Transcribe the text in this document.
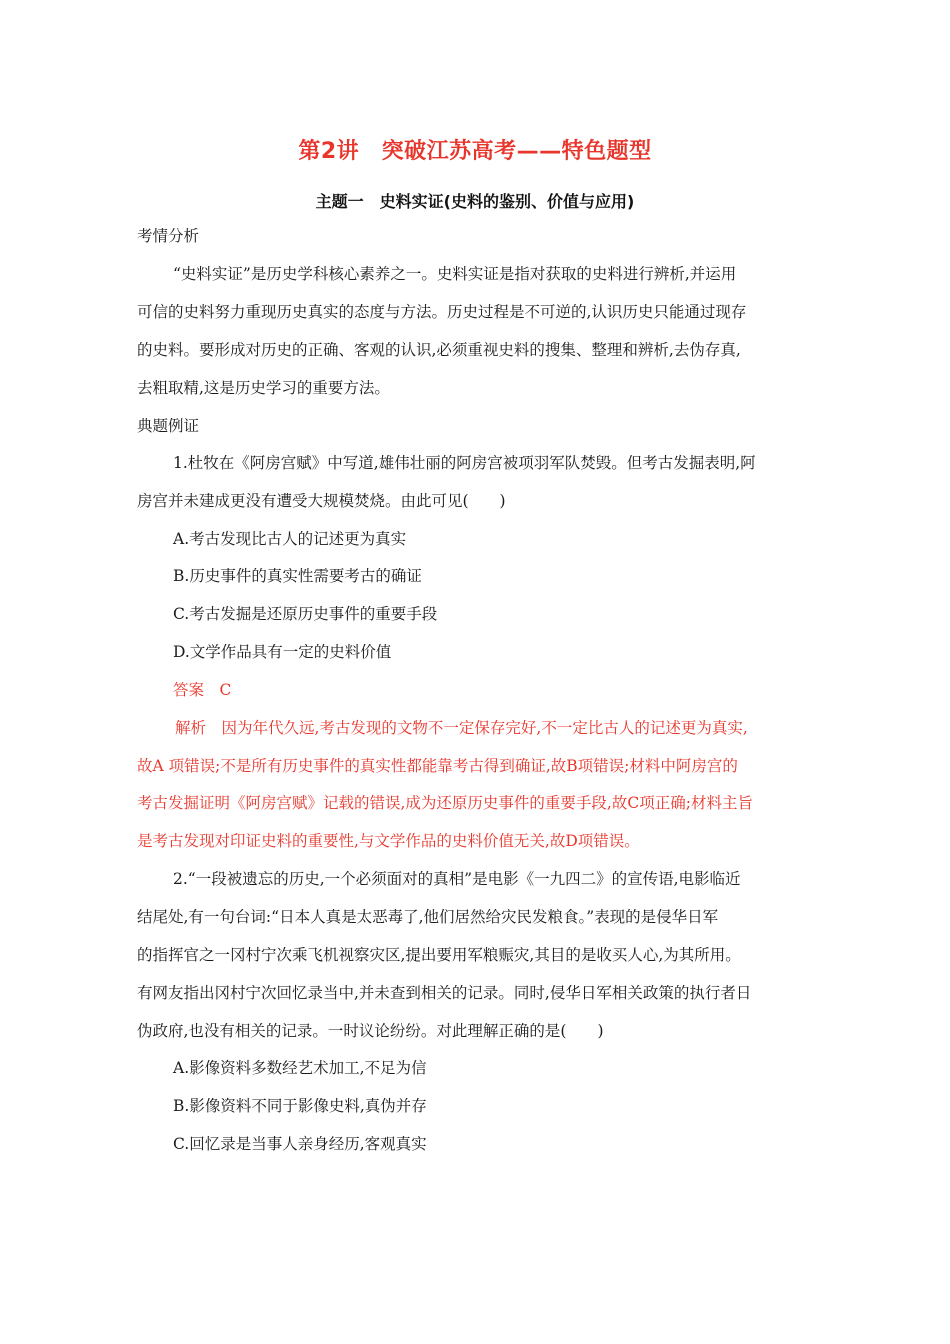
第2讲　突破江苏高考——特色题型
主题一　史料实证(史料的鉴别、价值与应用)
考情分析
“史料实证”是历史学科核心素养之一。史料实证是指对获取的史料进行辨析,并运用
可信的史料努力重现历史真实的态度与方法。历史过程是不可逆的,认识历史只能通过现存
的史料。要形成对历史的正确、客观的认识,必须重视史料的搜集、整理和辨析,去伪存真,
去粗取精,这是历史学习的重要方法。
典题例证
1.杜牧在《阿房宫赋》中写道,雄伟壮丽的阿房宫被项羽军队焚毁。但考古发掘表明,阿
房宫并未建成更没有遭受大规模焚烧。由此可见(　　)
A.考古发现比古人的记述更为真实
B.历史事件的真实性需要考古的确证
C.考古发掘是还原历史事件的重要手段
D.文学作品具有一定的史料价值
答案　C
解析　因为年代久远,考古发现的文物不一定保存完好,不一定比古人的记述更为真实,
故A 项错误;不是所有历史事件的真实性都能靠考古得到确证,故B项错误;材料中阿房宫的
考古发掘证明《阿房宫赋》记载的错误,成为还原历史事件的重要手段,故C项正确;材料主旨
是考古发现对印证史料的重要性,与文学作品的史料价值无关,故D项错误。
2.“一段被遗忘的历史,一个必须面对的真相”是电影《一九四二》的宣传语,电影临近
结尾处,有一句台词:“日本人真是太恶毒了,他们居然给灾民发粮食。”表现的是侵华日军
的指挥官之一冈村宁次乘飞机视察灾区,提出要用军粮赈灾,其目的是收买人心,为其所用。
有网友指出冈村宁次回忆录当中,并未查到相关的记录。同时,侵华日军相关政策的执行者日
伪政府,也没有相关的记录。一时议论纷纷。对此理解正确的是(　　)
A.影像资料多数经艺术加工,不足为信
B.影像资料不同于影像史料,真伪并存
C.回忆录是当事人亲身经历,客观真实
